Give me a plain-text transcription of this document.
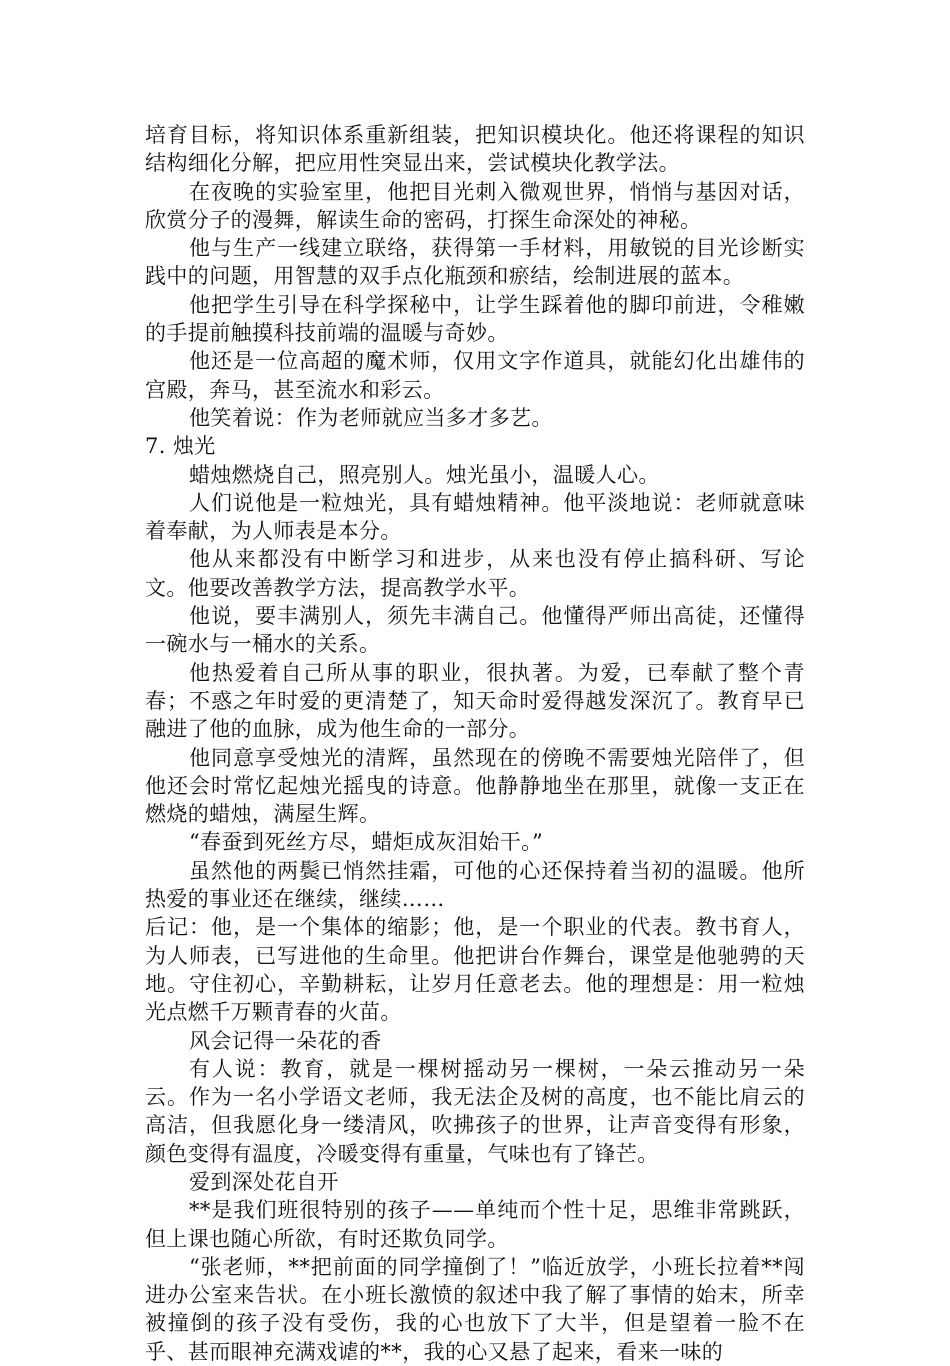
培育目标，将知识体系重新组装，把知识模块化。他还将课程的知识结构细化分解，把应用性突显出来，尝试模块化教学法。

在夜晚的实验室里，他把目光刺入微观世界，悄悄与基因对话，欣赏分子的漫舞，解读生命的密码，打探生命深处的神秘。

他与生产一线建立联络，获得第一手材料，用敏锐的目光诊断实践中的问题，用智慧的双手点化瓶颈和瘀结，绘制进展的蓝本。

他把学生引导在科学探秘中，让学生踩着他的脚印前进，令稚嫩的手提前触摸科技前端的温暖与奇妙。

他还是一位高超的魔术师，仅用文字作道具，就能幻化出雄伟的宫殿，奔马，甚至流水和彩云。

他笑着说：作为老师就应当多才多艺。

7. 烛光

蜡烛燃烧自己，照亮别人。烛光虽小，温暖人心。

人们说他是一粒烛光，具有蜡烛精神。他平淡地说：老师就意味着奉献，为人师表是本分。

他从来都没有中断学习和进步，从来也没有停止搞科研、写论文。他要改善教学方法，提高教学水平。

他说，要丰满别人，须先丰满自己。他懂得严师出高徒，还懂得一碗水与一桶水的关系。

他热爱着自己所从事的职业，很执著。为爱，已奉献了整个青春；不惑之年时爱的更清楚了，知天命时爱得越发深沉了。教育早已融进了他的血脉，成为他生命的一部分。

他同意享受烛光的清辉，虽然现在的傍晚不需要烛光陪伴了，但他还会时常忆起烛光摇曳的诗意。他静静地坐在那里，就像一支正在燃烧的蜡烛，满屋生辉。

“春蚕到死丝方尽，蜡炬成灰泪始干。”

虽然他的两鬓已悄然挂霜，可他的心还保持着当初的温暖。他所热爱的事业还在继续，继续……

后记：他，是一个集体的缩影；他，是一个职业的代表。教书育人，为人师表，已写进他的生命里。他把讲台作舞台，课堂是他驰骋的天地。守住初心，辛勤耕耘，让岁月任意老去。他的理想是：用一粒烛光点燃千万颗青春的火苗。

风会记得一朵花的香

有人说：教育，就是一棵树摇动另一棵树，一朵云推动另一朵云。作为一名小学语文老师，我无法企及树的高度，也不能比肩云的高洁，但我愿化身一缕清风，吹拂孩子的世界，让声音变得有形象，颜色变得有温度，冷暖变得有重量，气味也有了锋芒。

爱到深处花自开

**是我们班很特别的孩子——单纯而个性十足，思维非常跳跃，但上课也随心所欲，有时还欺负同学。

“张老师，**把前面的同学撞倒了！”临近放学，小班长拉着**闯进办公室来告状。在小班长激愤的叙述中我了解了事情的始末，所幸被撞倒的孩子没有受伤，我的心也放下了大半，但是望着一脸不在乎、甚而眼神充满戏谑的**，我的心又悬了起来，看来一味的
